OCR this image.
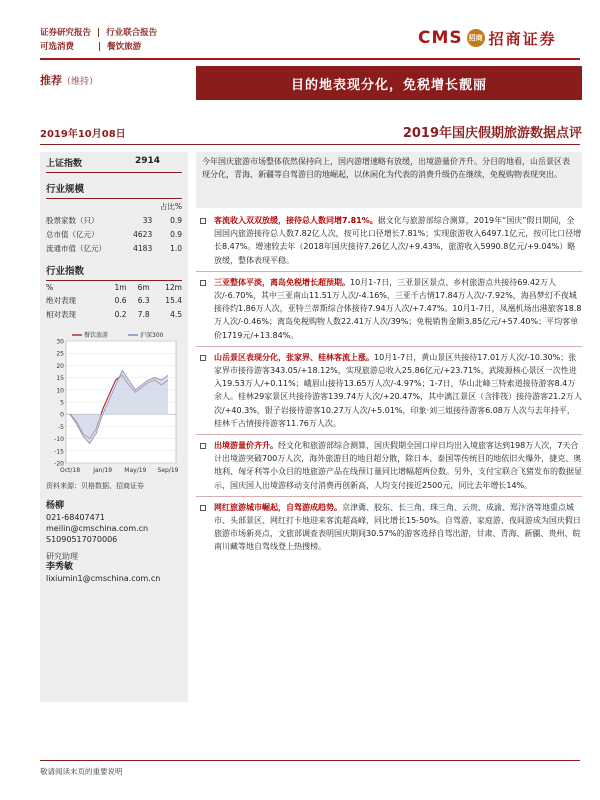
证券研究报告 | 行业联合报告
可选消费	| 餐饮旅游	CMS 招商 招商证券
推荐（维持）	目的地表现分化，免税增长靓丽
2019年10月08日	2019年国庆假期旅游数据点评
上证指数	2914
行业规模
		占比%
股票家数（只）	33	0.9
总市值（亿元）	4623	0.9
流通市值（亿元）	4183	1.0
行业指数
%	1m	6m	12m
绝对表现	0.6	6.3	15.4
相对表现	0.2	7.8	4.5
30
25
20
15
10
5
0
-5
-10
-15
-20
Oct/18 Jan/19 May/19 Sep/19
餐饮旅游	沪深300
资料来源：贝格数据、招商证券
杨柳
021-68407471
meilin@cmschina.com.cn
S1090517070006
研究助理
李秀敏
lixiumin1@cmschina.com.cn
今年国庆旅游市场整体依然保持向上，国内游增速略有放缓，出境游量价齐升。分目的地看，山岳景区表现分化，青海、新疆等自驾游目的地崛起，以休闲化为代表的消费升级仍在继续，免税购物表现突出。
客流收入双双放缓，接待总人数同增7.81%。据文化与旅游部综合测算，2019年“国庆”假日期间，全国国内旅游接待总人数7.82亿人次，按可比口径增长7.81%；实现旅游收入6497.1亿元，按可比口径增长8.47%。增速较去年（2018年国庆接待7.26亿人次/+9.43%，旅游收入5990.8亿元/+9.04%）略放缓，整体表现平稳。
三亚整体平淡，离岛免税增长超预期。10月1-7日，三亚景区景点、乡村旅游点共接待69.42万人次/-6.70%，其中三亚南山11.51万人次/-4.16%，三亚千古情17.84万人次/-7.92%，海昌梦幻不夜城接待约1.86万人次，亚特兰蒂斯综合体接待7.94万人次/+7.47%。10月1-7日，凤凰机场出港旅客18.8万人次/-0.46%；离岛免税购物人数22.41万人次/39%；免税销售金额3.85亿元/+57.40%；平均客单价1719元/+13.84%。
山岳景区表现分化，张家界、桂林客流上涨。10月1-7日，黄山景区共接待17.01万人次/-10.30%；张家界市接待游客343.05/+18.12%，实现旅游总收入25.86亿元/+23.71%，武陵源核心景区一次性进入19.53万人/+0.11%；峨眉山接待13.65万人次/-4.97%；1-7日，华山北峰三特索道接待游客8.4万余人。桂林29家景区共接待游客139.74万人次/+20.47%，其中漓江景区（含排筏）接待游客21.2万人次/+40.3%，银子岩接待游客10.27万人次/+5.01%，印象·刘三姐接待游客6.08万人次与去年持平，桂林千古情接待游客11.76万人次。
出境游量价齐升。经文化和旅游部综合测算，国庆假期全国口岸日均出入境旅客达到198万人次，7天合计出境游突破700万人次，海外旅游目的地目超分散，除日本、泰国等传统目的地依旧火爆外，捷克、奥地利、匈牙利等小众目的地旅游产品在线预订量同比增幅超两位数。另外，支付宝联合飞猪发布的数据显示，国庆国人出境游移动支付消费再创新高，人均支付接近2500元，同比去年增长14%。
网红旅游城市崛起，自驾游成趋势。京津冀、胶东、长三角、珠三角、云贵、成渝、郑汴洛等地重点城市、头部景区、网红打卡地迎来客流超高峰，同比增长15-50%。自驾游、家庭游、夜间游成为国庆假日旅游市场新亮点，文旅部调查表明国庆期间30.57%的游客选择自驾出游，甘肃、青海、新疆、贵州、皖南川藏等地自驾线登上热搜榜。
敬请阅读末页的重要说明
